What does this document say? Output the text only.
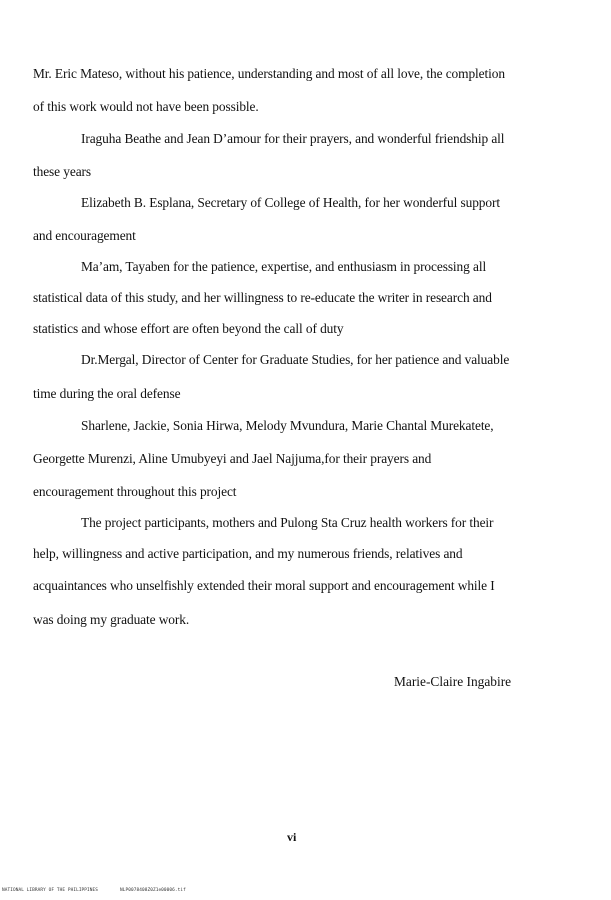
Mr. Eric Mateso, without his patience, understanding and most of all love, the completion
of this work would not have been possible.
Iraguha Beathe and Jean D’amour for their prayers, and wonderful friendship all
these years
Elizabeth B. Esplana, Secretary of College of Health, for her wonderful support
and encouragement
Ma’am, Tayaben for the patience, expertise, and enthusiasm in processing all
statistical data of this study, and her willingness to re-educate the writer in research and
statistics and whose effort are often beyond the call of duty
Dr.Mergal, Director of Center for Graduate Studies, for her patience and valuable
time during the oral defense
Sharlene, Jackie, Sonia Hirwa, Melody Mvundura, Marie Chantal Murekatete,
Georgette Murenzi, Aline Umubyeyi and Jael Najjuma,for their prayers and
encouragement throughout this project
The project participants, mothers and Pulong Sta Cruz health workers for their
help, willingness and active participation, and my numerous friends, relatives and
acquaintances who unselfishly extended their moral support and encouragement while I
was doing my graduate work.
Marie-Claire Ingabire
vi
NATIONAL LIBRARY OF THE PHILIPPINES	NLP0078408Z0Z1e00006.tif
